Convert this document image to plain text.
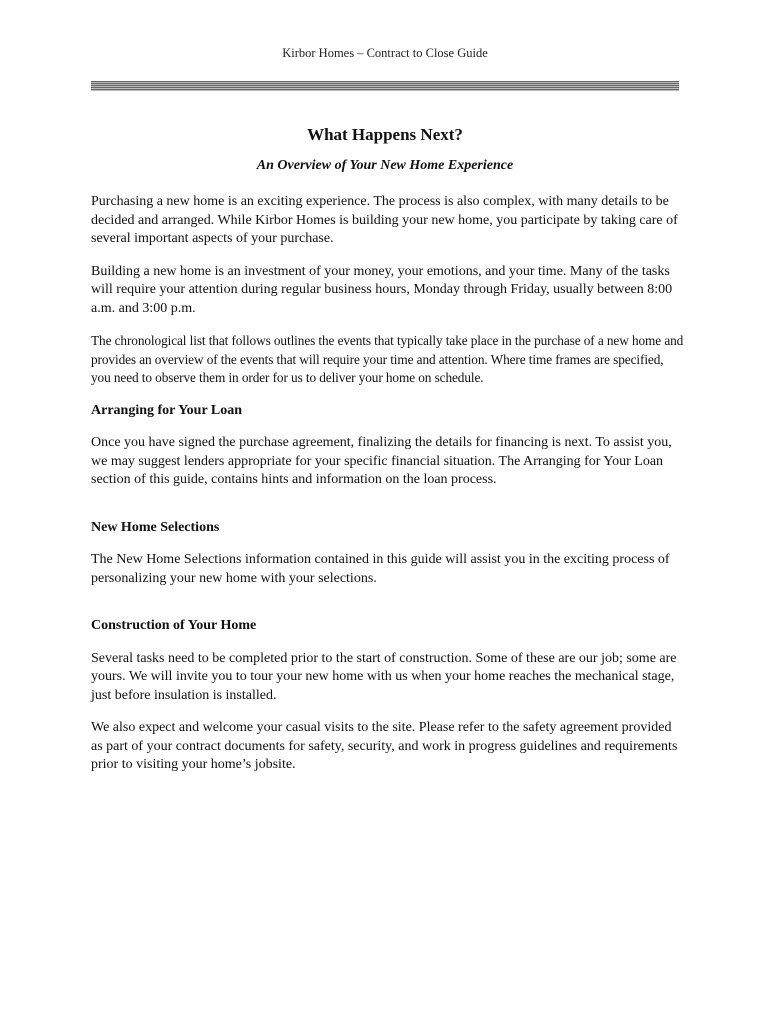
Kirbor Homes – Contract to Close Guide
What Happens Next?
An Overview of Your New Home Experience

Purchasing a new home is an exciting experience. The process is also complex, with many details to be decided and arranged. While Kirbor Homes is building your new home, you participate by taking care of several important aspects of your purchase.

Building a new home is an investment of your money, your emotions, and your time. Many of the tasks will require your attention during regular business hours, Monday through Friday, usually between 8:00 a.m. and 3:00 p.m.

The chronological list that follows outlines the events that typically take place in the purchase of a new home and provides an overview of the events that will require your time and attention. Where time frames are specified, you need to observe them in order for us to deliver your home on schedule.

Arranging for Your Loan

Once you have signed the purchase agreement, finalizing the details for financing is next. To assist you, we may suggest lenders appropriate for your specific financial situation. The Arranging for Your Loan section of this guide, contains hints and information on the loan process.

New Home Selections

The New Home Selections information contained in this guide will assist you in the exciting process of personalizing your new home with your selections.

Construction of Your Home

Several tasks need to be completed prior to the start of construction. Some of these are our job; some are yours. We will invite you to tour your new home with us when your home reaches the mechanical stage, just before insulation is installed.

We also expect and welcome your casual visits to the site. Please refer to the safety agreement provided as part of your contract documents for safety, security, and work in progress guidelines and requirements prior to visiting your home’s jobsite.
